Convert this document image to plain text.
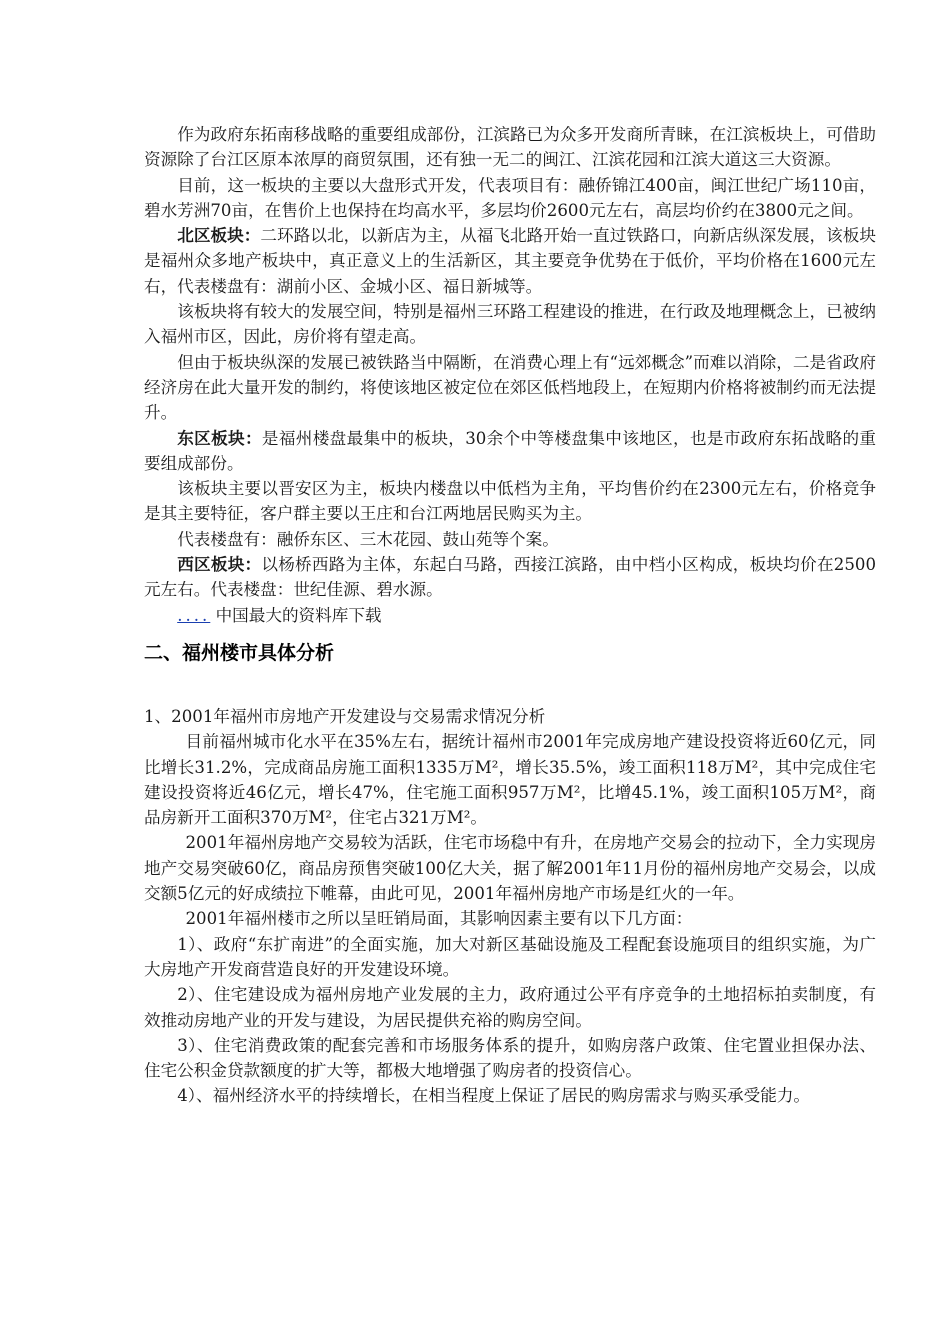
作为政府东拓南移战略的重要组成部份，江滨路已为众多开发商所青睐，在江滨板块上，可借助资源除了台江区原本浓厚的商贸氛围，还有独一无二的闽江、江滨花园和江滨大道这三大资源。

目前，这一板块的主要以大盘形式开发，代表项目有：融侨锦江400亩，闽江世纪广场110亩，碧水芳洲70亩，在售价上也保持在均高水平，多层均价2600元左右，高层均价约在3800元之间。

北区板块：二环路以北，以新店为主，从福飞北路开始一直过铁路口，向新店纵深发展，该板块是福州众多地产板块中，真正意义上的生活新区，其主要竞争优势在于低价，平均价格在1600元左右，代表楼盘有：湖前小区、金城小区、福日新城等。

该板块将有较大的发展空间，特别是福州三环路工程建设的推进，在行政及地理概念上，已被纳入福州市区，因此，房价将有望走高。

但由于板块纵深的发展已被铁路当中隔断，在消费心理上有“远郊概念”而难以消除，二是省政府经济房在此大量开发的制约，将使该地区被定位在郊区低档地段上，在短期内价格将被制约而无法提升。

东区板块：是福州楼盘最集中的板块，30余个中等楼盘集中该地区，也是市政府东拓战略的重要组成部份。

该板块主要以晋安区为主，板块内楼盘以中低档为主角，平均售价约在2300元左右，价格竞争是其主要特征，客户群主要以王庄和台江两地居民购买为主。

代表楼盘有：融侨东区、三木花园、鼓山苑等个案。

西区板块：以杨桥西路为主体，东起白马路，西接江滨路，由中档小区构成，板块均价在2500元左右。代表楼盘：世纪佳源、碧水源。

.... 中国最大的资料库下载

二、福州楼市具体分析

1、2001年福州市房地产开发建设与交易需求情况分析

目前福州城市化水平在35%左右，据统计福州市2001年完成房地产建设投资将近60亿元，同比增长31.2%，完成商品房施工面积1335万M²，增长35.5%，竣工面积118万M²，其中完成住宅建设投资将近46亿元，增长47%，住宅施工面积957万M²，比增45.1%，竣工面积105万M²，商品房新开工面积370万M²，住宅占321万M²。

2001年福州房地产交易较为活跃，住宅市场稳中有升，在房地产交易会的拉动下，全力实现房地产交易突破60亿，商品房预售突破100亿大关，据了解2001年11月份的福州房地产交易会，以成交额5亿元的好成绩拉下帷幕，由此可见，2001年福州房地产市场是红火的一年。

2001年福州楼市之所以呈旺销局面，其影响因素主要有以下几方面：

1）、政府“东扩南进”的全面实施，加大对新区基础设施及工程配套设施项目的组织实施，为广大房地产开发商营造良好的开发建设环境。

2）、住宅建设成为福州房地产业发展的主力，政府通过公平有序竞争的土地招标拍卖制度，有效推动房地产业的开发与建设，为居民提供充裕的购房空间。

3）、住宅消费政策的配套完善和市场服务体系的提升，如购房落户政策、住宅置业担保办法、住宅公积金贷款额度的扩大等，都极大地增强了购房者的投资信心。

4）、福州经济水平的持续增长，在相当程度上保证了居民的购房需求与购买承受能力。
